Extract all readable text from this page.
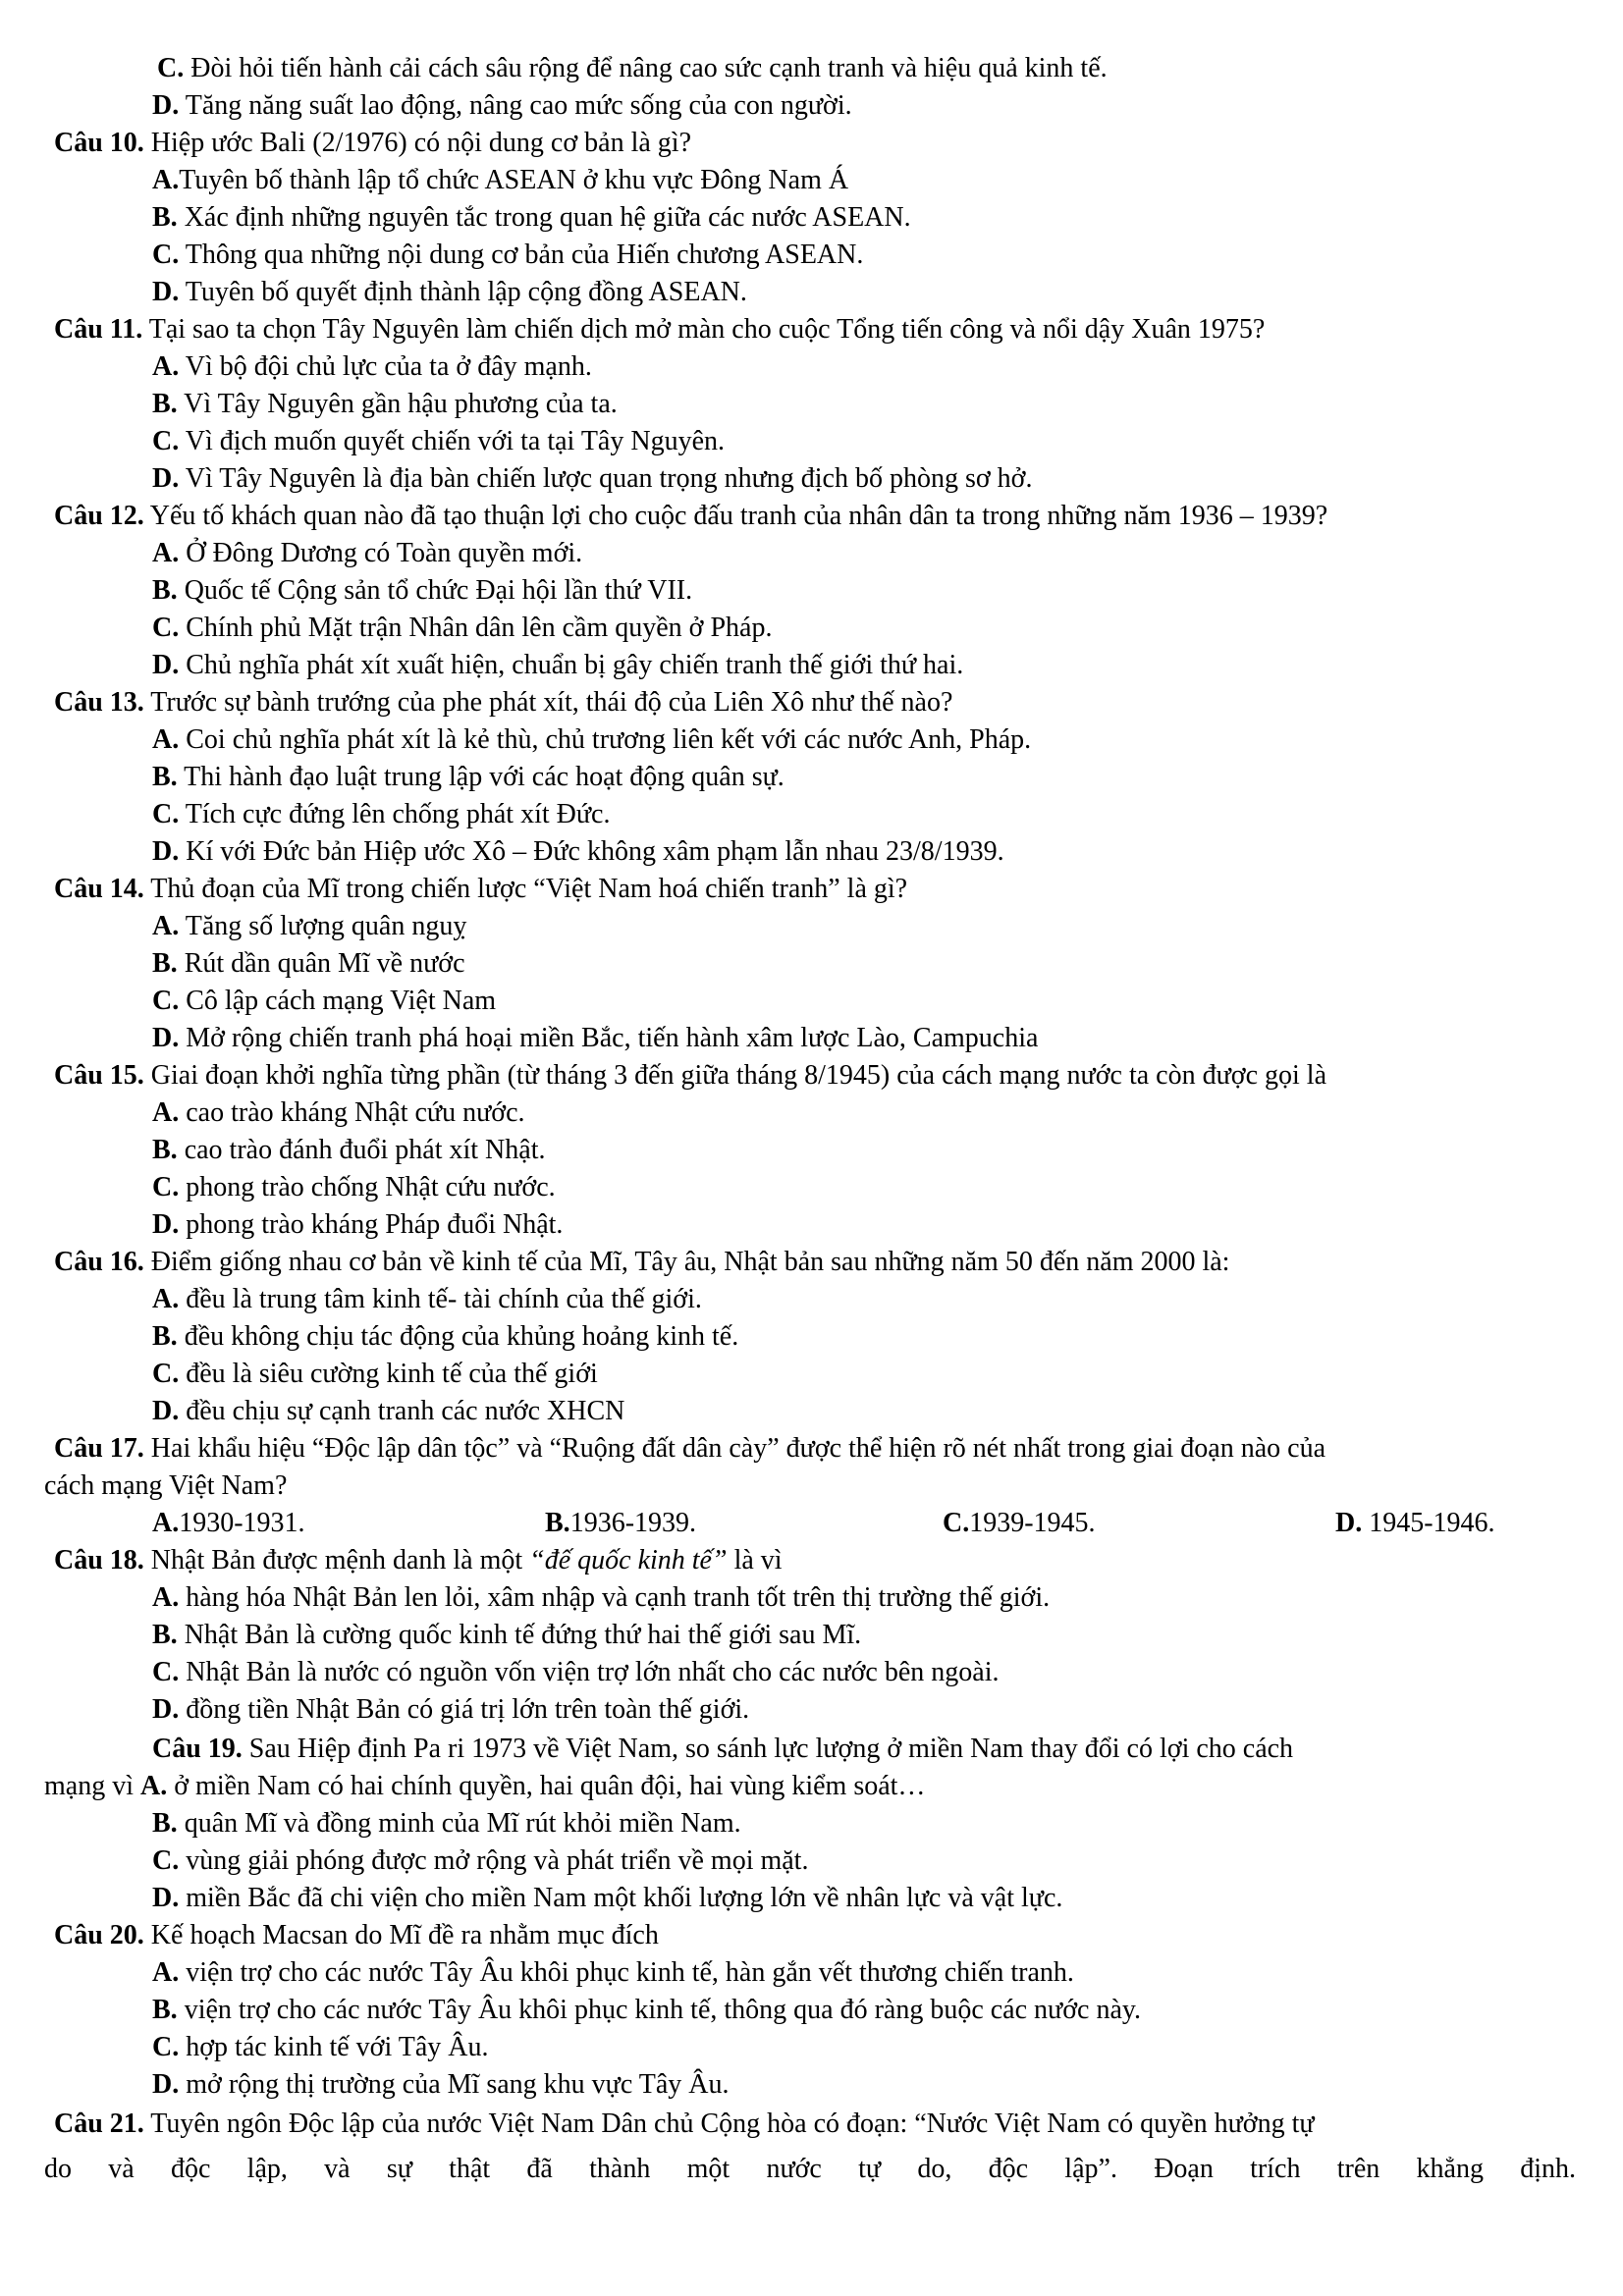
C. Đòi hỏi tiến hành cải cách sâu rộng để nâng cao sức cạnh tranh và hiệu quả kinh tế.
D. Tăng năng suất lao động, nâng cao mức sống của con người.
Câu 10. Hiệp ước Bali (2/1976) có nội dung cơ bản là gì?
A.Tuyên bố thành lập tổ chức ASEAN ở khu vực Đông Nam Á
B. Xác định những nguyên tắc trong quan hệ giữa các nước ASEAN.
C. Thông qua những nội dung cơ bản của Hiến chương ASEAN.
D. Tuyên bố quyết định thành lập cộng đồng ASEAN.
Câu 11. Tại sao ta chọn Tây Nguyên làm chiến dịch mở màn cho cuộc Tổng tiến công và nổi dậy Xuân 1975?
A. Vì bộ đội chủ lực của ta ở đây mạnh.
B. Vì Tây Nguyên gần hậu phương của ta.
C. Vì địch muốn quyết chiến với ta tại Tây Nguyên.
D. Vì Tây Nguyên là địa bàn chiến lược quan trọng nhưng địch bố phòng sơ hở.
Câu 12. Yếu tố khách quan nào đã tạo thuận lợi cho cuộc đấu tranh của nhân dân ta trong những năm 1936 – 1939?
A. Ở Đông Dương có Toàn quyền mới.
B. Quốc tế Cộng sản tổ chức Đại hội lần thứ VII.
C. Chính phủ Mặt trận Nhân dân lên cầm quyền ở Pháp.
D. Chủ nghĩa phát xít xuất hiện, chuẩn bị gây chiến tranh thế giới thứ hai.
Câu 13. Trước sự bành trướng của phe phát xít, thái độ của Liên Xô như thế nào?
A. Coi chủ nghĩa phát xít là kẻ thù, chủ trương liên kết với các nước Anh, Pháp.
B. Thi hành đạo luật trung lập với các hoạt động quân sự.
C. Tích cực đứng lên chống phát xít Đức.
D. Kí với Đức bản Hiệp ước Xô – Đức không xâm phạm lẫn nhau 23/8/1939.
Câu 14. Thủ đoạn của Mĩ trong chiến lược “Việt Nam hoá chiến tranh” là gì?
A. Tăng số lượng quân nguỵ
B. Rút dần quân Mĩ về nước
C. Cô lập cách mạng Việt Nam
D. Mở rộng chiến tranh phá hoại miền Bắc, tiến hành xâm lược Lào, Campuchia
Câu 15. Giai đoạn khởi nghĩa từng phần (từ tháng 3 đến giữa tháng 8/1945) của cách mạng nước ta còn được gọi là
A. cao trào kháng Nhật cứu nước.
B. cao trào đánh đuổi phát xít Nhật.
C. phong trào chống Nhật cứu nước.
D. phong trào kháng Pháp đuổi Nhật.
Câu 16. Điểm giống nhau cơ bản về kinh tế của Mĩ, Tây âu, Nhật bản sau những năm 50 đến năm 2000 là:
A. đều là trung tâm kinh tế- tài chính của thế giới.
B. đều không chịu tác động của khủng hoảng kinh tế.
C. đều là siêu cường kinh tế của thế giới
D. đều chịu sự cạnh tranh các nước XHCN
Câu 17. Hai khẩu hiệu “Độc lập dân tộc” và “Ruộng đất dân cày” được thể hiện rõ nét nhất trong giai đoạn nào của
cách mạng Việt Nam?
A.1930-1931.	B.1936-1939.	C.1939-1945.	D. 1945-1946.
Câu 18. Nhật Bản được mệnh danh là một “đế quốc kinh tế” là vì
A. hàng hóa Nhật Bản len lỏi, xâm nhập và cạnh tranh tốt trên thị trường thế giới.
B. Nhật Bản là cường quốc kinh tế đứng thứ hai thế giới sau Mĩ.
C. Nhật Bản là nước có nguồn vốn viện trợ lớn nhất cho các nước bên ngoài.
D. đồng tiền Nhật Bản có giá trị lớn trên toàn thế giới.
Câu 19. Sau Hiệp định Pa ri 1973 về Việt Nam, so sánh lực lượng ở miền Nam thay đổi có lợi cho cách
mạng vì A. ở miền Nam có hai chính quyền, hai quân đội, hai vùng kiểm soát…
B. quân Mĩ và đồng minh của Mĩ rút khỏi miền Nam.
C. vùng giải phóng được mở rộng và phát triển về mọi mặt.
D. miền Bắc đã chi viện cho miền Nam một khối lượng lớn về nhân lực và vật lực.
Câu 20. Kế hoạch Macsan do Mĩ đề ra nhằm mục đích
A. viện trợ cho các nước Tây Âu khôi phục kinh tế, hàn gắn vết thương chiến tranh.
B. viện trợ cho các nước Tây Âu khôi phục kinh tế, thông qua đó ràng buộc các nước này.
C. hợp tác kinh tế với Tây Âu.
D. mở rộng thị trường của Mĩ sang khu vực Tây Âu.
Câu 21. Tuyên ngôn Độc lập của nước Việt Nam Dân chủ Cộng hòa có đoạn: “Nước Việt Nam có quyền hưởng tự
do và độc lập, và sự thật đã thành một nước tự do, độc lập”. Đoạn trích trên khẳng định.
